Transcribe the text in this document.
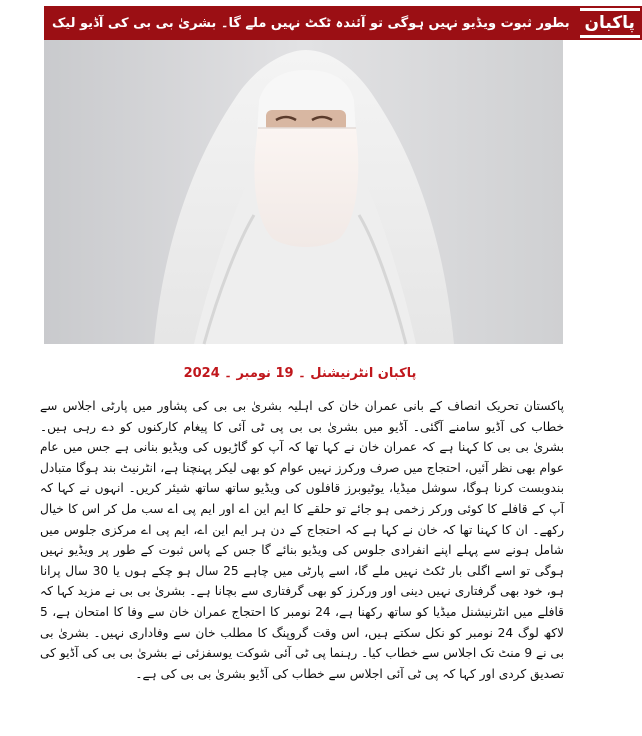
بطور ثبوت ویڈیو نہیں ہوگی تو آئندہ ٹکٹ نہیں ملے گا۔ بشریٰ بی بی کی آڈیو لیک پاکبان
پاکبان انٹرنیشنل ۔ 19 نومبر ۔ 2024
پاکستان تحریک انصاف کے بانی عمران خان کی اہلیہ بشریٰ بی بی کی پشاور میں پارٹی اجلاس سے خطاب کی آڈیو سامنے آگئی۔ آڈیو میں بشریٰ بی بی پی ٹی آئی کا پیغام کارکنوں کو دے رہی ہیں۔ بشریٰ بی بی کا کہنا ہے کہ عمران خان نے کہا تھا کہ آپ کو گاڑیوں کی ویڈیو بنانی ہے جس میں عام عوام بھی نظر آئیں، احتجاج میں صرف ورکرز نہیں عوام کو بھی لیکر پہنچنا ہے، انٹرنیٹ بند ہوگا متبادل بندوبست کرنا ہوگا، سوشل میڈیا، یوٹیوبرز قافلوں کی ویڈیو ساتھ ساتھ شیئر کریں۔ انہوں نے کہا کہ آپ کے قافلے کا کوئی ورکر زخمی ہو جائے تو حلقے کا ایم این اے اور ایم پی اے سب مل کر اس کا خیال رکھے۔ ان کا کہنا تھا کہ خان نے کہا ہے کہ احتجاج کے دن ہر ایم این اے، ایم پی اے مرکزی جلوس میں شامل ہونے سے پہلے اپنے انفرادی جلوس کی ویڈیو بنائے گا جس کے پاس ثبوت کے طور پر ویڈیو نہیں ہوگی تو اسے اگلی بار ٹکٹ نہیں ملے گا، اسے پارٹی میں چاہے 25 سال ہو چکے ہوں یا 30 سال پرانا ہو، خود بھی گرفتاری نہیں دینی اور ورکرز کو بھی گرفتاری سے بچانا ہے۔ بشریٰ بی بی نے مزید کہا کہ قافلے میں انٹرنیشنل میڈیا کو ساتھ رکھنا ہے، 24 نومبر کا احتجاج عمران خان سے وفا کا امتحان ہے، 5 لاکھ لوگ 24 نومبر کو نکل سکتے ہیں، اس وقت گروپنگ کا مطلب خان سے وفاداری نہیں۔ بشریٰ بی بی نے 9 منٹ تک اجلاس سے خطاب کیا۔ رہنما پی ٹی آئی شوکت یوسفزئی نے بشریٰ بی بی کی آڈیو کی تصدیق کردی اور کہا کہ پی ٹی آئی اجلاس سے خطاب کی آڈیو بشریٰ بی بی کی ہے۔
